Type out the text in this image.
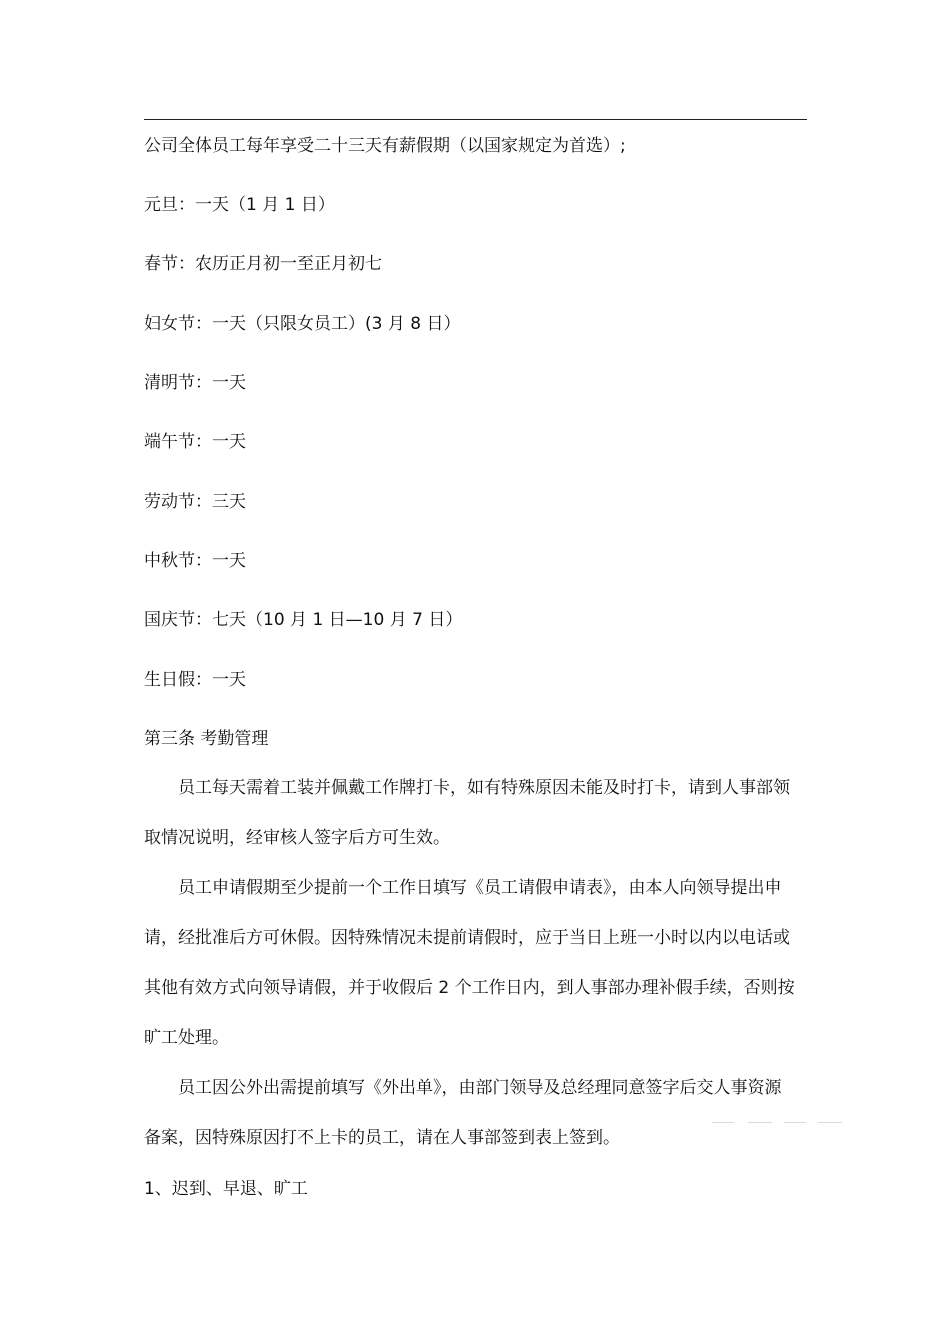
公司全体员工每年享受二十三天有薪假期（以国家规定为首选）;
元旦：一天（1 月 1 日）
春节：农历正月初一至正月初七
妇女节：一天（只限女员工）(3 月 8 日）
清明节：一天
端午节：一天
劳动节：三天
中秋节：一天
国庆节：七天（10 月 1 日—10 月 7 日）
生日假：一天
第三条 考勤管理
员工每天需着工装并佩戴工作牌打卡，如有特殊原因未能及时打卡，请到人事部领
取情况说明，经审核人签字后方可生效。
员工申请假期至少提前一个工作日填写《员工请假申请表》，由本人向领导提出申
请，经批准后方可休假。因特殊情况未提前请假时，应于当日上班一小时以内以电话或
其他有效方式向领导请假，并于收假后 2 个工作日内，到人事部办理补假手续，否则按
旷工处理。
员工因公外出需提前填写《外出单》，由部门领导及总经理同意签字后交人事资源
备案，因特殊原因打不上卡的员工，请在人事部签到表上签到。
1、迟到、早退、旷工
